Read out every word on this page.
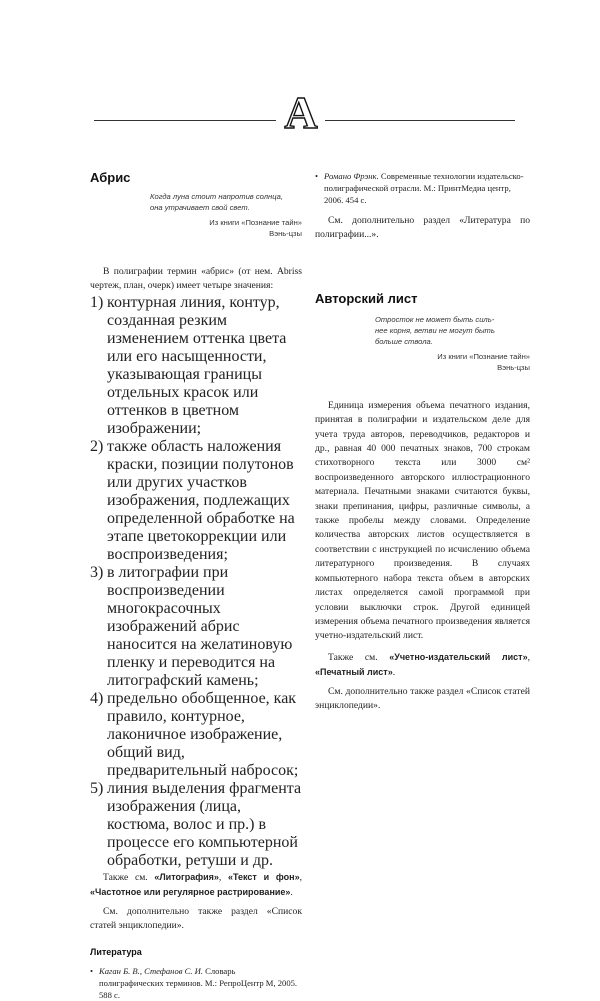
А
Абрис
Когда луна стоит напротив солнца,
она утрачивает свой свет.
Из книги «Познание тайн»
Вэнь-цзы

В полиграфии термин «абрис» (от нем. Abriss чертеж, план, очерк) имеет четыре значения:

1) контурная линия, контур, созданная резким изменением оттенка цвета или его насыщенности, указывающая границы отдельных красок или оттенков в цветном изображении;
2) также область наложения краски, позиции полутонов или других участков изображения, подлежащих определенной обработке на этапе цветокоррекции или воспроизведения;
3) в литографии при воспроизведении многокрасочных изображений абрис наносится на желатиновую пленку и переводится на литографский камень;
4) предельно обобщенное, как правило, контурное, лаконичное изображение, общий вид, предварительный набросок;
5) линия выделения фрагмента изображения (лица, костюма, волос и пр.) в процессе его компьютерной обработки, ретуши и др.

Также см. «Литография», «Текст и фон», «Частотное или регулярное растрирование».

См. дополнительно также раздел «Список статей энциклопедии».

Литература
• Каган Б. В., Стефанов С. И. Словарь полиграфических терминов. М.: РепроЦентр М, 2005. 588 с.
• Романо Фрэнк. Современные технологии издательско-полиграфической отрасли. М.: ПринтМедиа центр, 2006. 454 с.

См. дополнительно раздел «Литература по полиграфии...».

Авторский лист
Отросток не может быть силь-
нее корня, ветви не могут быть
больше ствола.
Из книги «Познание тайн»
Вэнь-цзы

Единица измерения объема печатного издания, принятая в полиграфии и издательском деле для учета труда авторов, переводчиков, редакторов и др., равная 40 000 печатных знаков, 700 строкам стихотворного текста или 3000 см² воспроизведенного авторского иллюстрационного материала. Печатными знаками считаются буквы, знаки препинания, цифры, различные символы, а также пробелы между словами. Определение количества авторских листов осуществляется в соответствии с инструкцией по исчислению объема литературного произведения. В случаях компьютерного набора текста объем в авторских листах определяется самой программой при условии выключки строк. Другой единицей измерения объема печатного произведения является учетно-издательский лист.

Также см. «Учетно-издательский лист», «Печатный лист».

См. дополнительно также раздел «Список статей энциклопедии».
